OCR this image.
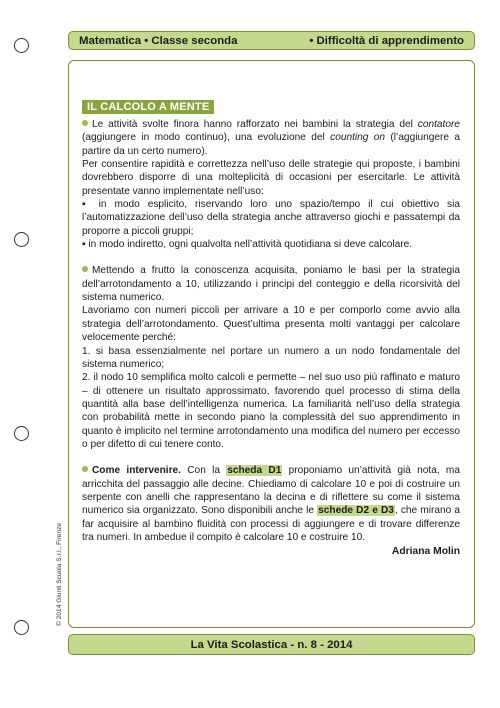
Matematica • Classe seconda	• Difficoltà di apprendimento
IL CALCOLO A MENTE

Le attività svolte finora hanno rafforzato nei bambini la strategia del contatore (aggiungere in modo continuo), una evoluzione del counting on (l’aggiungere a partire da un certo numero).

Per consentire rapidità e correttezza nell’uso delle strategie qui proposte, i bambini dovrebbero disporre di una molteplicità di occasioni per esercitarle. Le attività presentate vanno implementate nell’uso:

▪ in modo esplicito, riservando loro uno spazio/tempo il cui obiettivo sia l’automatizzazione dell’uso della strategia anche attraverso giochi e passatempi da proporre a piccoli gruppi;

▪ in modo indiretto, ogni qualvolta nell’attività quotidiana si deve calcolare.

Mettendo a frutto la conoscenza acquisita, poniamo le basi per la strategia dell’arrotondamento a 10, utilizzando i principi del conteggio e della ricorsività del sistema numerico.

Lavoriamo con numeri piccoli per arrivare a 10 e per comporlo come avvio alla strategia dell’arrotondamento. Quest’ultima presenta molti vantaggi per calcolare velocemente perché:

1. si basa essenzialmente nel portare un numero a un nodo fondamentale del sistema numerico;

2. il nodo 10 semplifica molto calcoli e permette – nel suo uso più raffinato e maturo – di ottenere un risultato approssimato, favorendo quel processo di stima della quantità alla base dell’intelligenza numerica. La familiarità nell’uso della strategia con probabilità mette in secondo piano la complessità del suo apprendimento in quanto è implicito nel termine arrotondamento una modifica del numero per eccesso o per difetto di cui tenere conto.

Come intervenire. Con la scheda D1 proponiamo un’attività già nota, ma arricchita del passaggio alle decine. Chiediamo di calcolare 10 e poi di costruire un serpente con anelli che rappresentano la decina e di riflettere su come il sistema numerico sia organizzato. Sono disponibili anche le schede D2 e D3, che mirano a far acquisire al bambino fluidità con processi di aggiungere e di trovare differenze tra numeri. In ambedue il compito è calcolare 10 e costruire 10.

Adriana Molin
© 2014 Giunti Scuola S.r.l., Firenze
La Vita Scolastica - n. 8 - 2014
